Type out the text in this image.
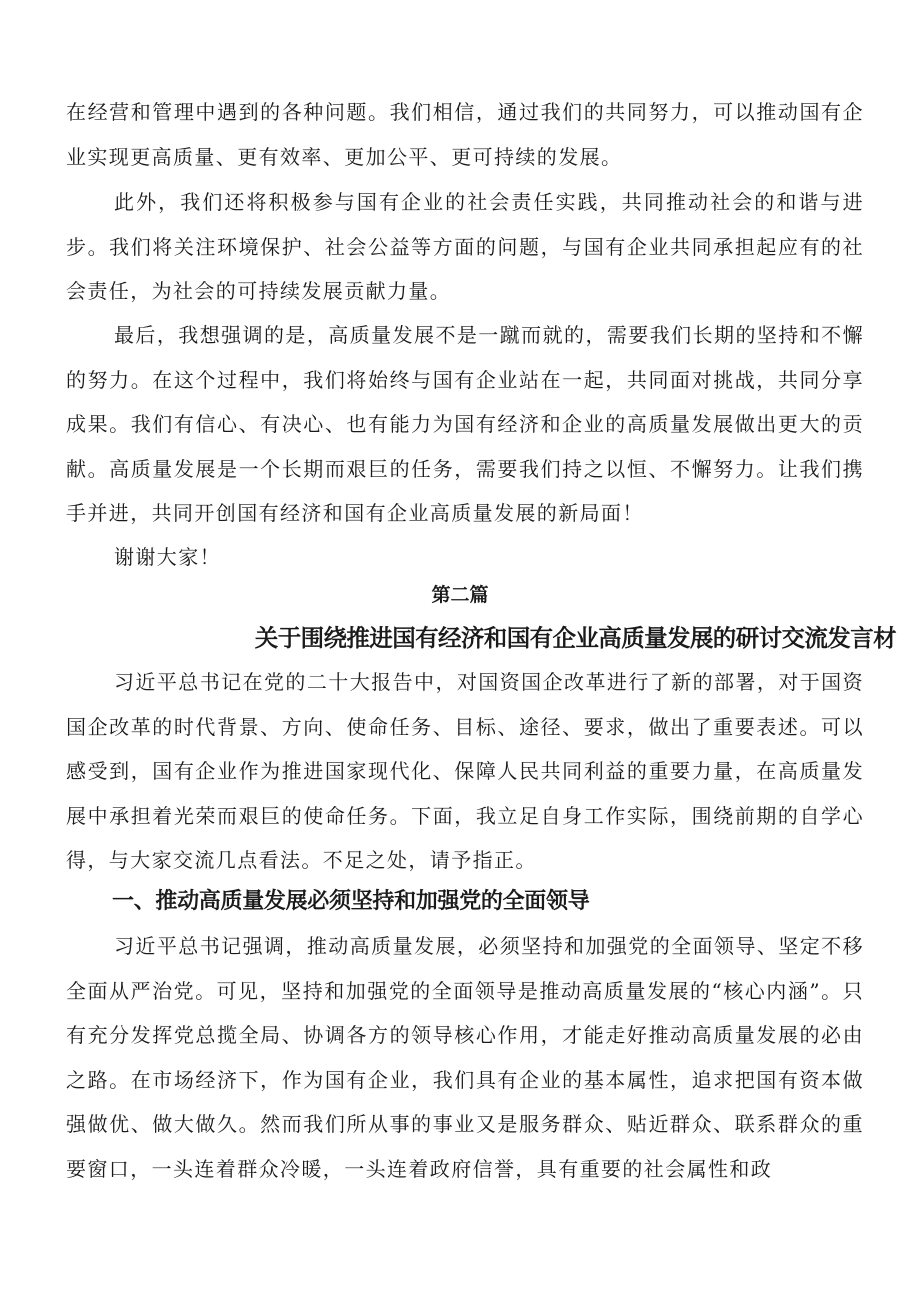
在经营和管理中遇到的各种问题。我们相信，通过我们的共同努力，可以推动国有企业实现更高质量、更有效率、更加公平、更可持续的发展。

此外，我们还将积极参与国有企业的社会责任实践，共同推动社会的和谐与进步。我们将关注环境保护、社会公益等方面的问题，与国有企业共同承担起应有的社会责任，为社会的可持续发展贡献力量。

最后，我想强调的是，高质量发展不是一蹴而就的，需要我们长期的坚持和不懈的努力。在这个过程中，我们将始终与国有企业站在一起，共同面对挑战，共同分享成果。我们有信心、有决心、也有能力为国有经济和企业的高质量发展做出更大的贡献。高质量发展是一个长期而艰巨的任务，需要我们持之以恒、不懈努力。让我们携手并进，共同开创国有经济和国有企业高质量发展的新局面！

谢谢大家！

第二篇
关于围绕推进国有经济和国有企业高质量发展的研讨交流发言材

习近平总书记在党的二十大报告中，对国资国企改革进行了新的部署，对于国资国企改革的时代背景、方向、使命任务、目标、途径、要求，做出了重要表述。可以感受到，国有企业作为推进国家现代化、保障人民共同利益的重要力量，在高质量发展中承担着光荣而艰巨的使命任务。下面，我立足自身工作实际，围绕前期的自学心得，与大家交流几点看法。不足之处，请予指正。

一、推动高质量发展必须坚持和加强党的全面领导

习近平总书记强调，推动高质量发展，必须坚持和加强党的全面领导、坚定不移全面从严治党。可见，坚持和加强党的全面领导是推动高质量发展的“核心内涵”。只有充分发挥党总揽全局、协调各方的领导核心作用，才能走好推动高质量发展的必由之路。在市场经济下，作为国有企业，我们具有企业的基本属性，追求把国有资本做强做优、做大做久。然而我们所从事的事业又是服务群众、贴近群众、联系群众的重要窗口，一头连着群众冷暖，一头连着政府信誉，具有重要的社会属性和政
